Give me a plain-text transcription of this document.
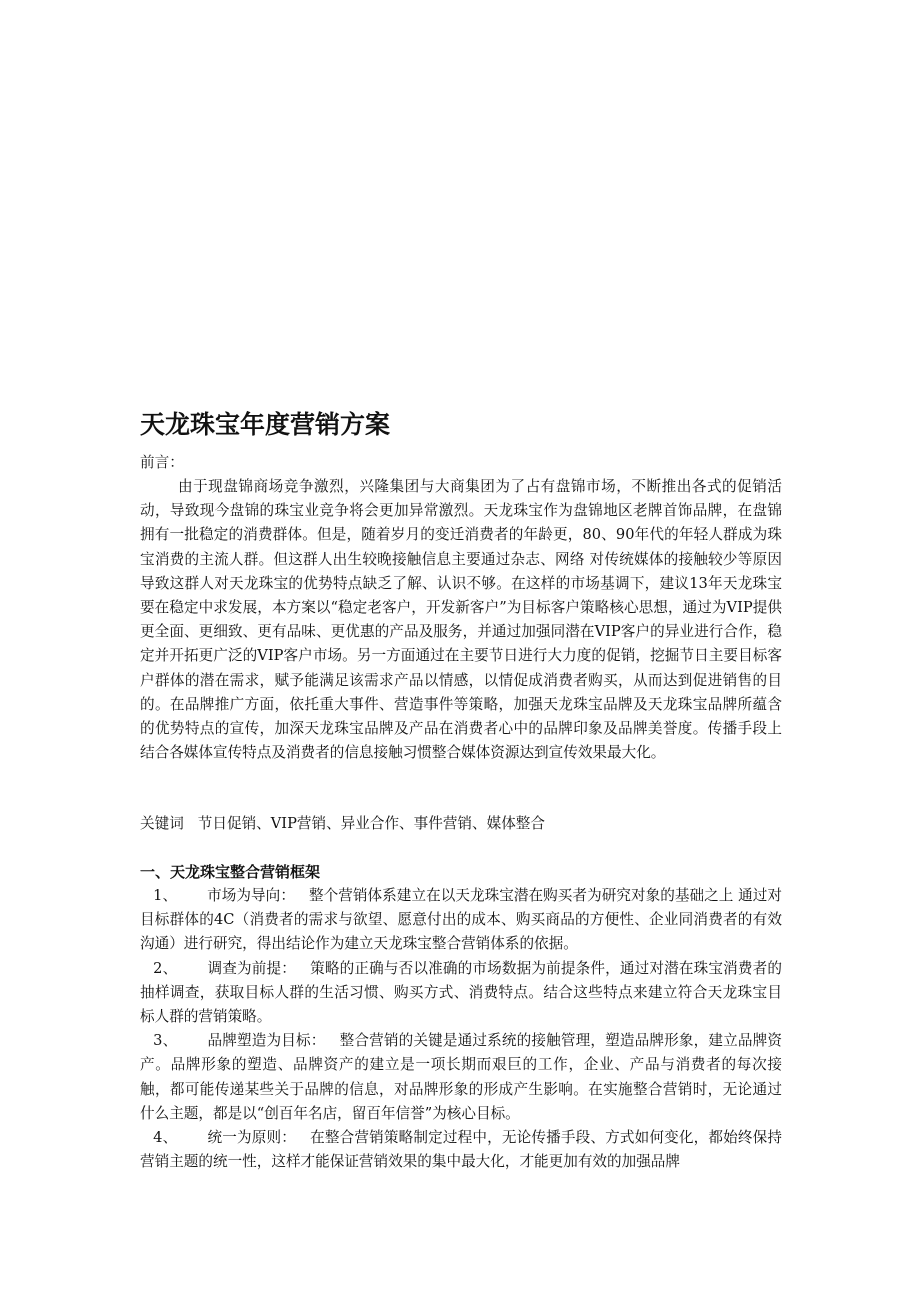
天龙珠宝年度营销方案
前言：
由于现盘锦商场竞争激烈，兴隆集团与大商集团为了占有盘锦市场，不断推出各式的促销活动，导致现今盘锦的珠宝业竞争将会更加异常激烈。天龙珠宝作为盘锦地区老牌首饰品牌，在盘锦拥有一批稳定的消费群体。但是，随着岁月的变迁消费者的年龄更，80、90年代的年轻人群成为珠宝消费的主流人群。但这群人出生较晚接触信息主要通过杂志、网络 对传统媒体的接触较少等原因导致这群人对天龙珠宝的优势特点缺乏了解、认识不够。在这样的市场基调下，建议13年天龙珠宝要在稳定中求发展，本方案以“稳定老客户，开发新客户”为目标客户策略核心思想，通过为VIP提供更全面、更细致、更有品味、更优惠的产品及服务，并通过加强同潜在VIP客户的异业进行合作，稳定并开拓更广泛的VIP客户市场。另一方面通过在主要节日进行大力度的促销，挖掘节日主要目标客户群体的潜在需求，赋予能满足该需求产品以情感，以情促成消费者购买，从而达到促进销售的目的。在品牌推广方面，依托重大事件、营造事件等策略，加强天龙珠宝品牌及天龙珠宝品牌所蕴含的优势特点的宣传，加深天龙珠宝品牌及产品在消费者心中的品牌印象及品牌美誉度。传播手段上结合各媒体宣传特点及消费者的信息接触习惯整合媒体资源达到宣传效果最大化。
关键词 节日促销、VIP营销、异业合作、事件营销、媒体整合
一、天龙珠宝整合营销框架
1、 市场为导向： 整个营销体系建立在以天龙珠宝潜在购买者为研究对象的基础之上 通过对目标群体的4C（消费者的需求与欲望、愿意付出的成本、购买商品的方便性、企业同消费者的有效沟通）进行研究，得出结论作为建立天龙珠宝整合营销体系的依据。
2、 调查为前提： 策略的正确与否以准确的市场数据为前提条件，通过对潜在珠宝消费者的抽样调查，获取目标人群的生活习惯、购买方式、消费特点。结合这些特点来建立符合天龙珠宝目标人群的营销策略。
3、 品牌塑造为目标： 整合营销的关键是通过系统的接触管理，塑造品牌形象，建立品牌资产。品牌形象的塑造、品牌资产的建立是一项长期而艰巨的工作，企业、产品与消费者的每次接触，都可能传递某些关于品牌的信息，对品牌形象的形成产生影响。在实施整合营销时，无论通过什么主题，都是以“创百年名店，留百年信誉”为核心目标。
4、 统一为原则： 在整合营销策略制定过程中，无论传播手段、方式如何变化，都始终保持营销主题的统一性，这样才能保证营销效果的集中最大化，才能更加有效的加强品牌
